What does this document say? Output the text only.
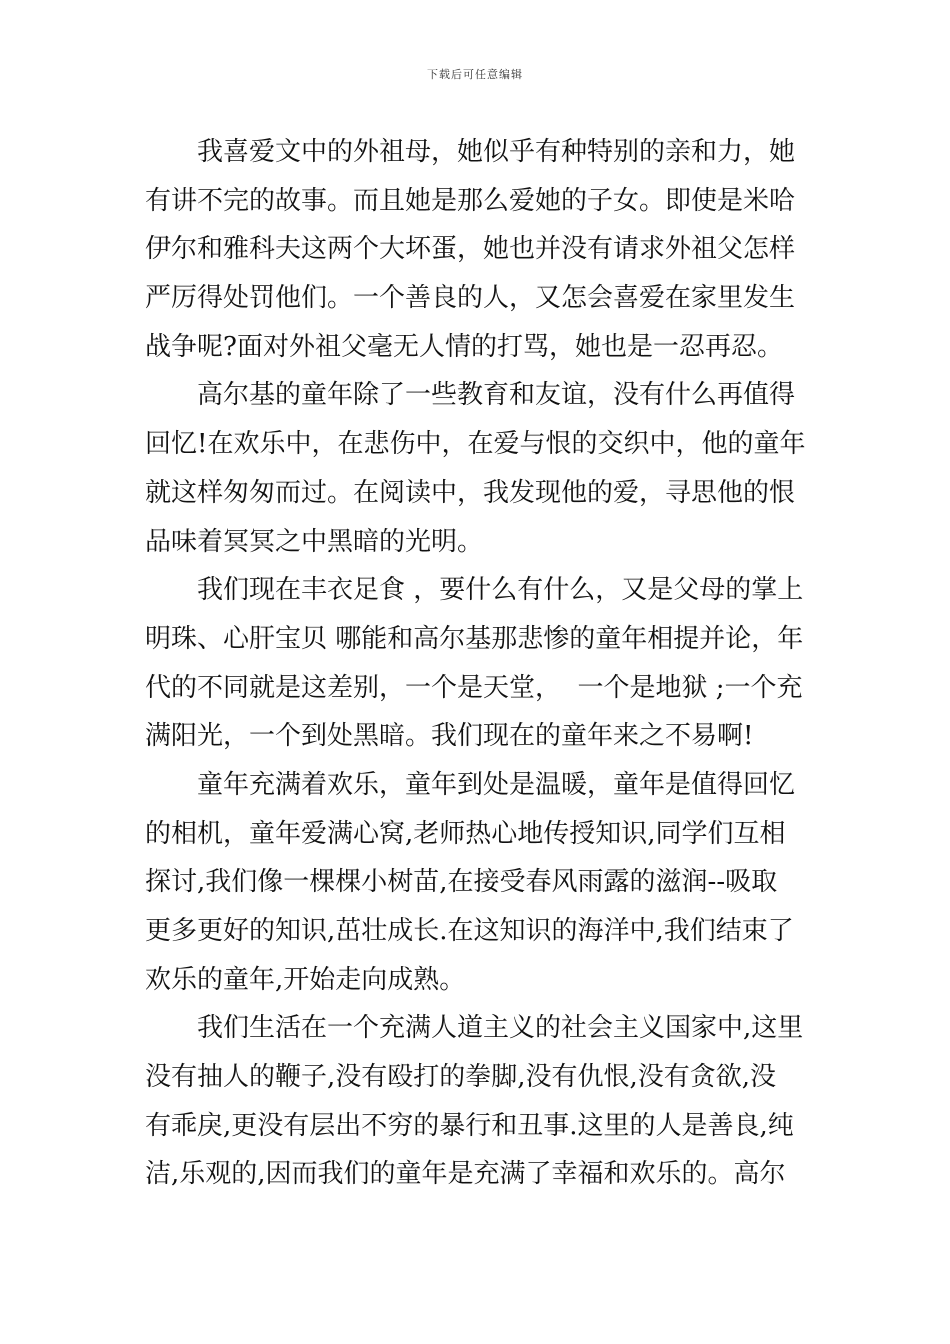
下载后可任意编辑
我喜爱文中的外祖母，她似乎有种特别的亲和力，她
有讲不完的故事。而且她是那么爱她的子女。即使是米哈
伊尔和雅科夫这两个大坏蛋，她也并没有请求外祖父怎样
严厉得处罚他们。一个善良的人，又怎会喜爱在家里发生
战争呢?面对外祖父毫无人情的打骂，她也是一忍再忍。
高尔基的童年除了一些教育和友谊，没有什么再值得
回忆!在欢乐中，在悲伤中，在爱与恨的交织中，他的童年
就这样匆匆而过。在阅读中，我发现他的爱，寻思他的恨
品味着冥冥之中黑暗的光明。
我们现在丰衣足食 ，要什么有什么，又是父母的掌上
明珠、心肝宝贝 哪能和高尔基那悲惨的童年相提并论，年
代的不同就是这差别，一个是天堂，  一个是地狱 ;一个充
满阳光，一个到处黑暗。我们现在的童年来之不易啊!
童年充满着欢乐，童年到处是温暖，童年是值得回忆
的相机，童年爱满心窝,老师热心地传授知识,同学们互相
探讨,我们像一棵棵小树苗,在接受春风雨露的滋润--吸取
更多更好的知识,茁壮成长.在这知识的海洋中,我们结束了
欢乐的童年,开始走向成熟。
我们生活在一个充满人道主义的社会主义国家中,这里
没有抽人的鞭子,没有殴打的拳脚,没有仇恨,没有贪欲,没
有乖戾,更没有层出不穷的暴行和丑事.这里的人是善良,纯
洁,乐观的,因而我们的童年是充满了幸福和欢乐的。高尔
